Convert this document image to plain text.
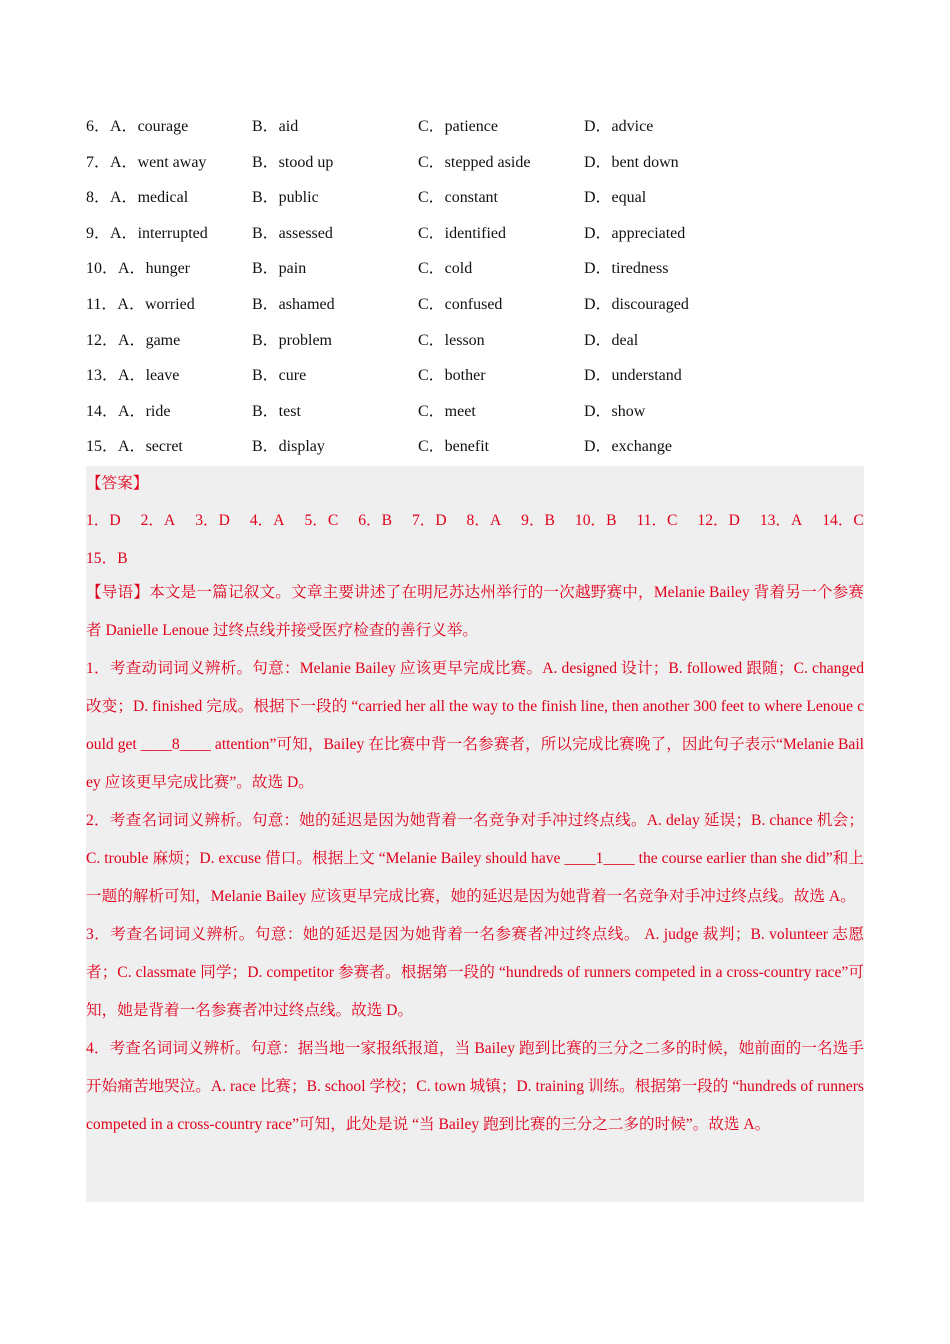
6．A．courage	B．aid	C．patience	D．advice
7．A．went away	B．stood up	C．stepped aside	D．bent down
8．A．medical	B．public	C．constant	D．equal
9．A．interrupted	B．assessed	C．identified	D．appreciated
10．A．hunger	B．pain	C．cold	D．tiredness
11．A．worried	B．ashamed	C．confused	D．discouraged
12．A．game	B．problem	C．lesson	D．deal
13．A．leave	B．cure	C．bother	D．understand
14．A．ride	B．test	C．meet	D．show
15．A．secret	B．display	C．benefit	D．exchange
【答案】
1．D 2．A 3．D 4．A 5．C 6．B 7．D 8．A 9．B 10．B 11．C 12．D 13．A 14．C
15．B

【导语】本文是一篇记叙文。文章主要讲述了在明尼苏达州举行的一次越野赛中，Melanie Bailey 背着另一个参赛者 Danielle Lenoue 过终点线并接受医疗检查的善行义举。

1．考查动词词义辨析。句意：Melanie Bailey 应该更早完成比赛。A. designed 设计；B. followed 跟随；C. changed 改变；D. finished 完成。根据下一段的 “carried her all the way to the finish line, then another 300 feet to where Lenoue could get ____8____ attention”可知，Bailey 在比赛中背一名参赛者，所以完成比赛晚了，因此句子表示“Melanie Bailey 应该更早完成比赛”。故选 D。

2．考查名词词义辨析。句意：她的延迟是因为她背着一名竞争对手冲过终点线。A. delay 延误；B. chance 机会；C. trouble 麻烦；D. excuse 借口。根据上文 “Melanie Bailey should have ____1____ the course earlier than she did”和上一题的解析可知，Melanie Bailey 应该更早完成比赛，她的延迟是因为她背着一名竞争对手冲过终点线。故选 A。

3．考查名词词义辨析。句意：她的延迟是因为她背着一名参赛者冲过终点线。 A. judge 裁判；B. volunteer 志愿者；C. classmate 同学；D. competitor 参赛者。根据第一段的 “hundreds of runners competed in a cross-country race”可知，她是背着一名参赛者冲过终点线。故选 D。

4．考查名词词义辨析。句意：据当地一家报纸报道，当 Bailey 跑到比赛的三分之二多的时候，她前面的一名选手开始痛苦地哭泣。A. race 比赛；B. school 学校；C. town 城镇；D. training 训练。根据第一段的 “hundreds of runners competed in a cross-country race”可知，此处是说 “当 Bailey 跑到比赛的三分之二多的时候”。故选 A。
